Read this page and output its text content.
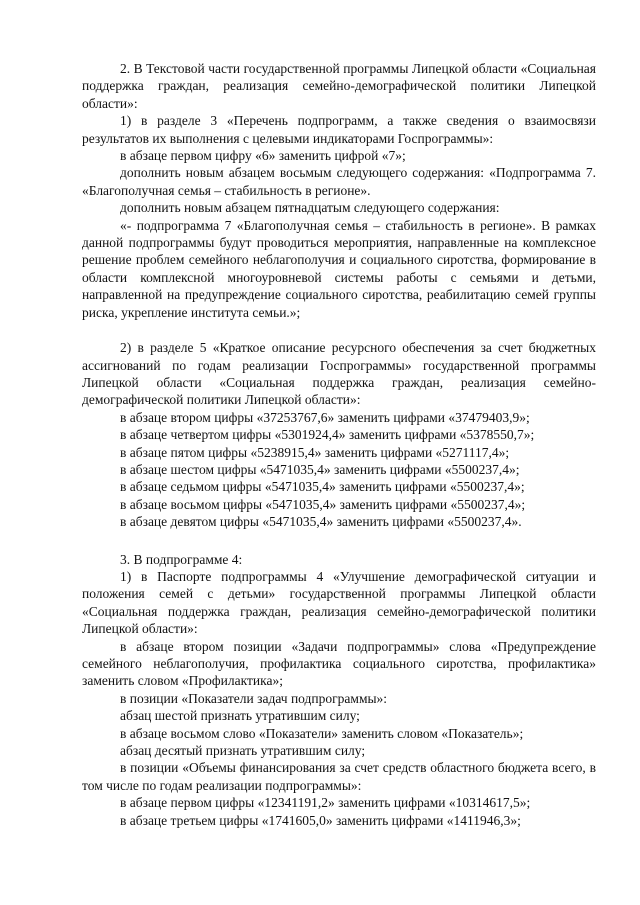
2. В Текстовой части государственной программы Липецкой области «Социальная поддержка граждан, реализация семейно-демографической политики Липецкой области»:

1) в разделе 3 «Перечень подпрограмм, а также сведения о взаимосвязи результатов их выполнения с целевыми индикаторами Госпрограммы»:

в абзаце первом цифру «6» заменить цифрой «7»;

дополнить новым абзацем восьмым следующего содержания: «Подпрограмма 7. «Благополучная семья – стабильность в регионе».

дополнить новым абзацем пятнадцатым следующего содержания:

«- подпрограмма 7 «Благополучная семья – стабильность в регионе». В рамках данной подпрограммы будут проводиться мероприятия, направленные на комплексное решение проблем семейного неблагополучия и социального сиротства, формирование в области комплексной многоуровневой системы работы с семьями и детьми, направленной на предупреждение социального сиротства, реабилитацию семей группы риска, укрепление института семьи.»;

2) в разделе 5 «Краткое описание ресурсного обеспечения за счет бюджетных ассигнований по годам реализации Госпрограммы» государственной программы Липецкой области «Социальная поддержка граждан, реализация семейно-демографической политики Липецкой области»:

в абзаце втором цифры «37253767,6» заменить цифрами «37479403,9»;

в абзаце четвертом цифры «5301924,4» заменить цифрами «5378550,7»;

в абзаце пятом цифры «5238915,4» заменить цифрами «5271117,4»;

в абзаце шестом цифры «5471035,4» заменить цифрами «5500237,4»;

в абзаце седьмом цифры «5471035,4» заменить цифрами «5500237,4»;

в абзаце восьмом цифры «5471035,4» заменить цифрами «5500237,4»;

в абзаце девятом цифры «5471035,4» заменить цифрами «5500237,4».

3. В подпрограмме 4:

1) в Паспорте подпрограммы 4 «Улучшение демографической ситуации и положения семей с детьми» государственной программы Липецкой области «Социальная поддержка граждан, реализация семейно-демографической политики Липецкой области»:

в абзаце втором позиции «Задачи подпрограммы» слова «Предупреждение семейного неблагополучия, профилактика социального сиротства, профилактика» заменить словом «Профилактика»;

в позиции «Показатели задач подпрограммы»:

абзац шестой признать утратившим силу;

в абзаце восьмом слово «Показатели» заменить словом «Показатель»;

абзац десятый признать утратившим силу;

в позиции «Объемы финансирования за счет средств областного бюджета всего, в том числе по годам реализации подпрограммы»:

в абзаце первом цифры «12341191,2» заменить цифрами «10314617,5»;

в абзаце третьем цифры «1741605,0» заменить цифрами «1411946,3»;
